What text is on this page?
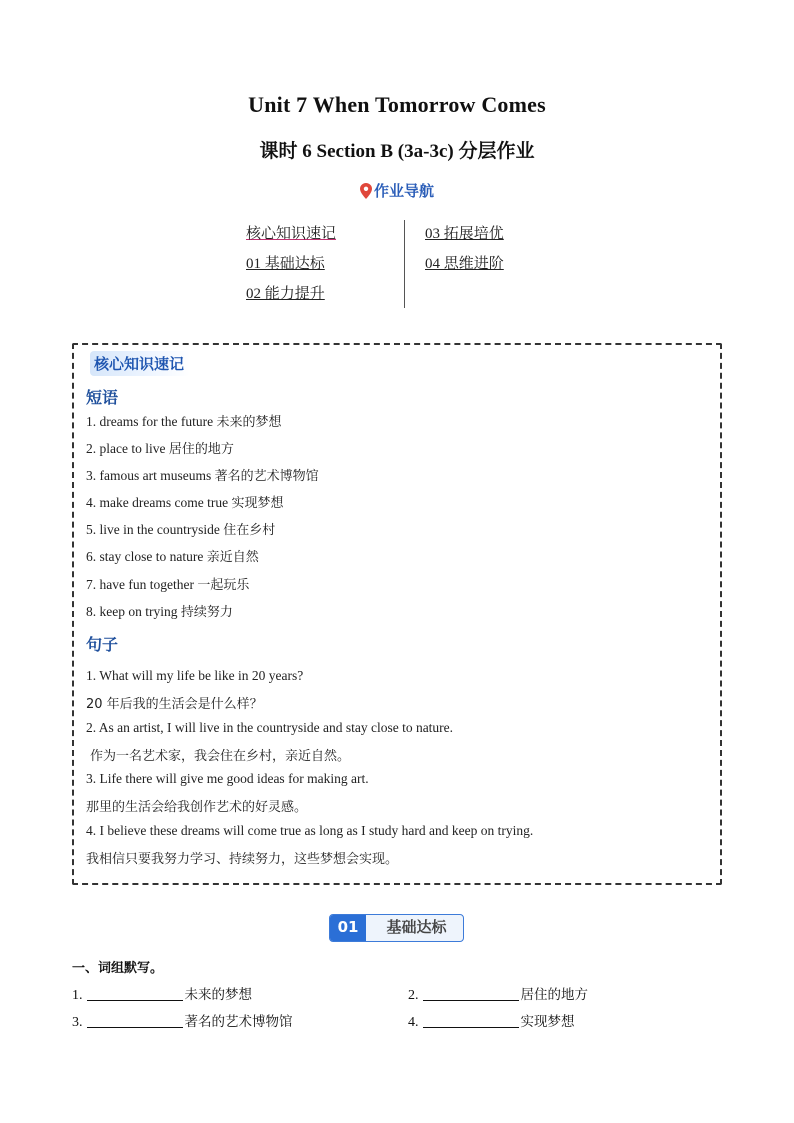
Unit 7 When Tomorrow Comes
课时 6 Section B (3a-3c) 分层作业
作业导航
核心知识速记
01 基础达标
02 能力提升
03 拓展培优
04 思维进阶
核心知识速记
短语
1. dreams for the future 未来的梦想
2. place to live 居住的地方
3. famous art museums 著名的艺术博物馆
4. make dreams come true 实现梦想
5. live in the countryside 住在乡村
6. stay close to nature 亲近自然
7. have fun together 一起玩乐
8. keep on trying 持续努力
句子
1. What will my life be like in 20 years?
20 年后我的生活会是什么样？
2. As an artist, I will live in the countryside and stay close to nature.
作为一名艺术家，我会住在乡村，亲近自然。
3. Life there will give me good ideas for making art.
那里的生活会给我创作艺术的好灵感。
4. I believe these dreams will come true as long as I study hard and keep on trying.
我相信只要我努力学习、持续努力，这些梦想会实现。
01	基础达标
一、词组默写。
1.	未来的梦想	2.	居住的地方
3.	著名的艺术博物馆	4.	实现梦想
